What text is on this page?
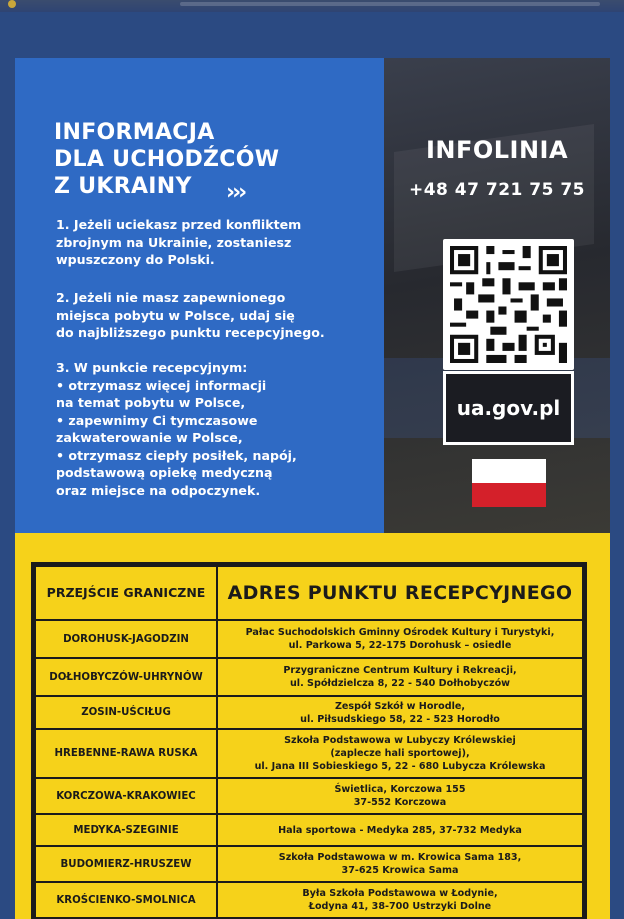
INFORMACJA
DLA UCHODŹCÓW
Z UKRAINY	›››
1. Jeżeli uciekasz przed konfliktem
zbrojnym na Ukrainie, zostaniesz
wpuszczony do Polski.
2. Jeżeli nie masz zapewnionego
miejsca pobytu w Polsce, udaj się
do najbliższego punktu recepcyjnego.
3. W punkcie recepcyjnym:
• otrzymasz więcej informacji
na temat pobytu w Polsce,
• zapewnimy Ci tymczasowe
zakwaterowanie w Polsce,
• otrzymasz ciepły posiłek, napój,
podstawową opiekę medyczną
oraz miejsce na odpoczynek.
INFOLINIA
+48 47 721 75 75
ua.gov.pl
PRZEJŚCIE GRANICZNE	ADRES PUNKTU RECEPCYJNEGO
DOROHUSK-JAGODZIN	Pałac Suchodolskich Gminny Ośrodek Kultury i Turystyki,
ul. Parkowa 5, 22-175 Dorohusk – osiedle

DOŁHOBYCZÓW-UHRYNÓW	Przygraniczne Centrum Kultury i Rekreacji,
ul. Spółdzielcza 8, 22 - 540 Dołhobyczów

ZOSIN-UŚCIŁUG	Zespół Szkół w Horodle,
ul. Piłsudskiego 58, 22 - 523 Horodło

HREBENNE-RAWA RUSKA	Szkoła Podstawowa w Lubyczy Królewskiej
(zaplecze hali sportowej),
ul. Jana III Sobieskiego 5, 22 - 680 Lubycza Królewska

KORCZOWA-KRAKOWIEC	Świetlica, Korczowa 155
37-552 Korczowa

MEDYKA-SZEGINIE	Hala sportowa - Medyka 285, 37-732 Medyka

BUDOMIERZ-HRUSZEW	Szkoła Podstawowa w m. Krowica Sama 183,
37-625 Krowica Sama

KROŚCIENKO-SMOLNICA	Była Szkoła Podstawowa w Łodynie,
Łodyna 41, 38-700 Ustrzyki Dolne
